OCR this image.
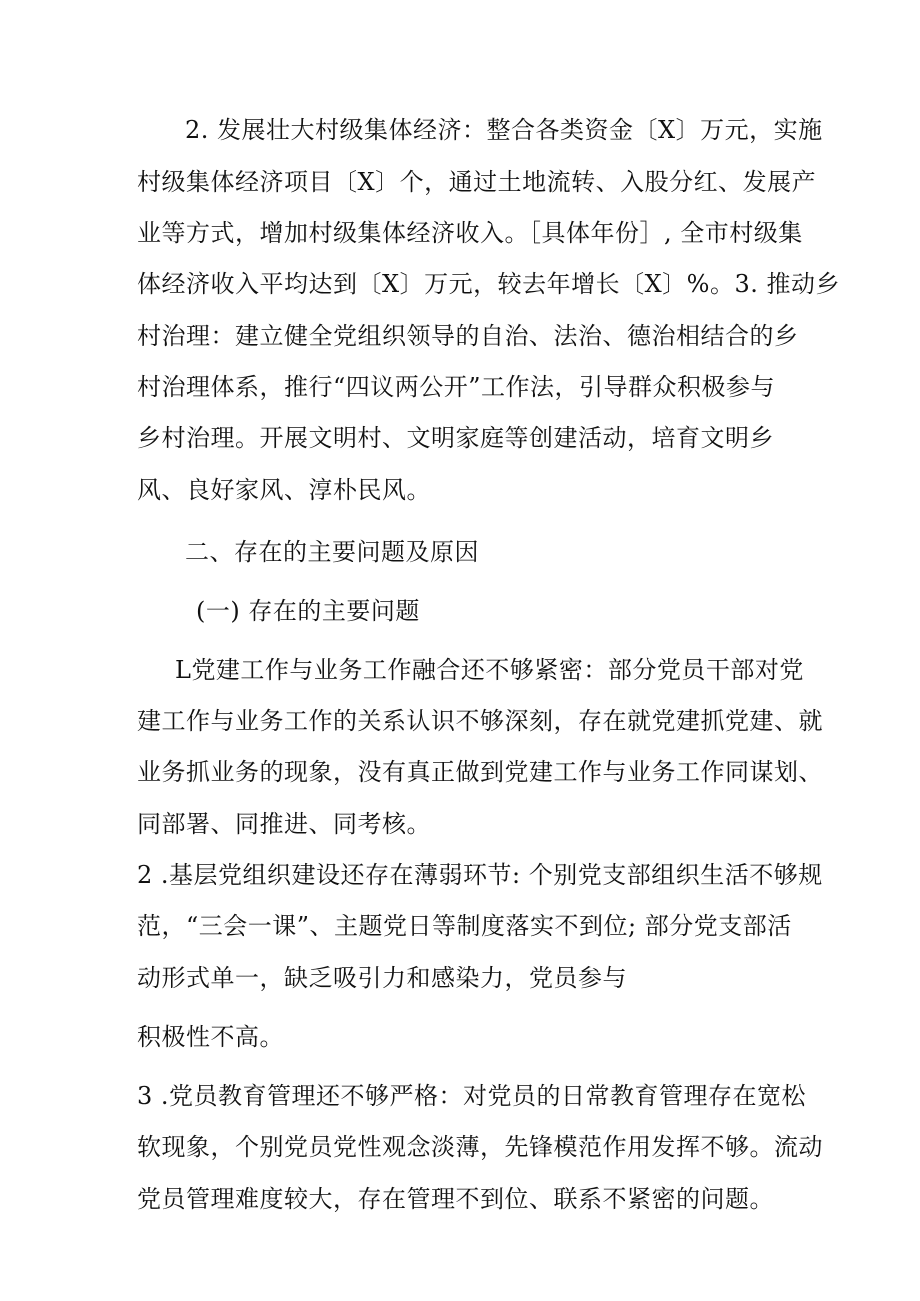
2. 发展壮大村级集体经济：整合各类资金〔X〕万元，实施
村级集体经济项目〔X〕个，通过土地流转、入股分红、发展产
业等方式，增加村级集体经济收入。［具体年份］, 全市村级集
体经济收入平均达到〔X〕万元，较去年增长〔X〕%。3. 推动乡
村治理：建立健全党组织领导的自治、法治、德治相结合的乡
村治理体系，推行“四议两公开”工作法，引导群众积极参与
乡村治理。开展文明村、文明家庭等创建活动，培育文明乡
风、良好家风、淳朴民风。
二、存在的主要问题及原因
(一) 存在的主要问题
L党建工作与业务工作融合还不够紧密：部分党员干部对党
建工作与业务工作的关系认识不够深刻，存在就党建抓党建、就
业务抓业务的现象，没有真正做到党建工作与业务工作同谋划、
同部署、同推进、同考核。
2 .基层党组织建设还存在薄弱环节: 个别党支部组织生活不够规
范，“三会一课”、主题党日等制度落实不到位; 部分党支部活
动形式单一，缺乏吸引力和感染力，党员参与
积极性不高。
3 .党员教育管理还不够严格：对党员的日常教育管理存在宽松
软现象，个别党员党性观念淡薄，先锋模范作用发挥不够。流动
党员管理难度较大，存在管理不到位、联系不紧密的问题。
